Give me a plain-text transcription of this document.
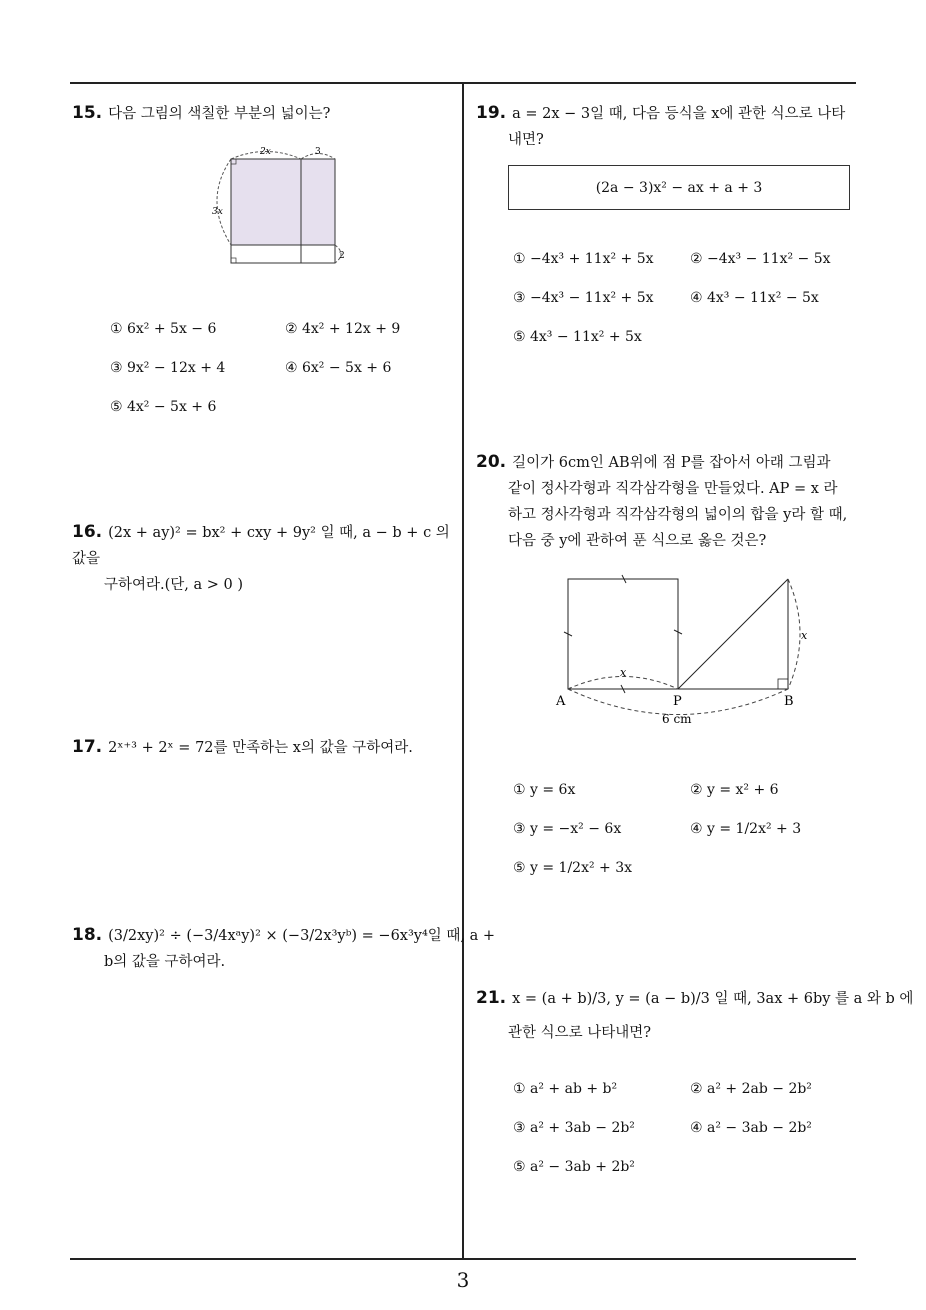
15. 다음 그림의 색칠한 부분의 넓이는?
2x	3
3x
2
① 6x² + 5x − 6	② 4x² + 12x + 9
③ 9x² − 12x + 4	④ 6x² − 5x + 6
⑤ 4x² − 5x + 6
16. (2x + ay)² = bx² + cxy + 9y² 일 때, a − b + c 의 값을
구하여라.(단, a > 0 )
17. 2ˣ⁺³ + 2ˣ = 72를 만족하는 x의 값을 구하여라.
18. (3/2xy)² ÷ (−3/4xᵃy)² × (−3/2x³yᵇ) = −6x³y⁴일 때, a +
b의 값을 구하여라.
19. a = 2x − 3일 때, 다음 등식을 x에 관한 식으로 나타
내면?
(2a − 3)x² − ax + a + 3
① −4x³ + 11x² + 5x	② −4x³ − 11x² − 5x
③ −4x³ − 11x² + 5x	④ 4x³ − 11x² − 5x
⑤ 4x³ − 11x² + 5x
20. 길이가 6cm인 AB위에 점 P를 잡아서 아래 그림과
같이 정사각형과 직각삼각형을 만들었다. AP = x 라
하고 정사각형과 직각삼각형의 넓이의 합을 y라 할 때,
다음 중 y에 관하여 푼 식으로 옳은 것은?
x
x
A	P	B
6 cm
① y = 6x	② y = x² + 6
③ y = −x² − 6x	④ y = 1/2x² + 3
⑤ y = 1/2x² + 3x
21. x = (a + b)/3, y = (a − b)/3 일 때, 3ax + 6by 를 a 와 b 에
관한 식으로 나타내면?
① a² + ab + b²	② a² + 2ab − 2b²
③ a² + 3ab − 2b²	④ a² − 3ab − 2b²
⑤ a² − 3ab + 2b²
3
